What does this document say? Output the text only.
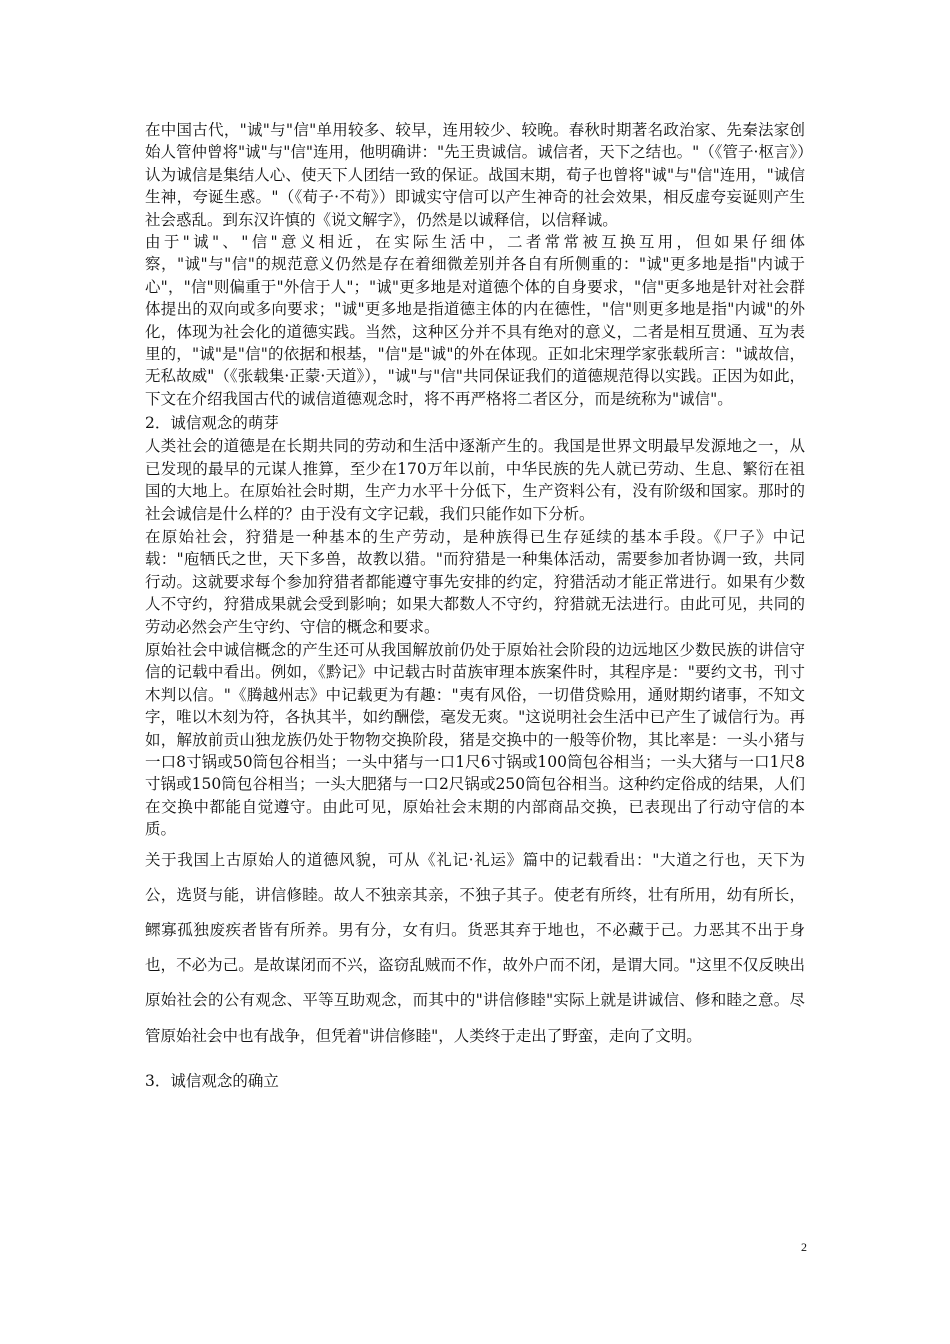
在中国古代，"诚"与"信"单用较多、较早，连用较少、较晚。春秋时期著名政治家、先秦法家创始人管仲曾将"诚"与"信"连用，他明确讲："先王贵诚信。诚信者，天下之结也。"（《管子·枢言》）认为诚信是集结人心、使天下人团结一致的保证。战国末期，荀子也曾将"诚"与"信"连用，"诚信生神，夸诞生惑。"（《荀子·不苟》）即诚实守信可以产生神奇的社会效果，相反虚夸妄诞则产生社会惑乱。到东汉许慎的《说文解字》，仍然是以诚释信，以信释诚。

由于"诚"、"信"意义相近，在实际生活中，二者常常被互换互用，但如果仔细体察，"诚"与"信"的规范意义仍然是存在着细微差别并各自有所侧重的："诚"更多地是指"内诚于心"，"信"则偏重于"外信于人"；"诚"更多地是对道德个体的自身要求，"信"更多地是针对社会群体提出的双向或多向要求；"诚"更多地是指道德主体的内在德性，"信"则更多地是指"内诚"的外化，体现为社会化的道德实践。当然，这种区分并不具有绝对的意义，二者是相互贯通、互为表里的，"诚"是"信"的依据和根基，"信"是"诚"的外在体现。正如北宋理学家张载所言："诚故信，无私故威"（《张载集·正蒙·天道》），"诚"与"信"共同保证我们的道德规范得以实践。正因为如此，下文在介绍我国古代的诚信道德观念时，将不再严格将二者区分，而是统称为"诚信"。

2．诚信观念的萌芽

人类社会的道德是在长期共同的劳动和生活中逐渐产生的。我国是世界文明最早发源地之一，从已发现的最早的元谋人推算，至少在170万年以前，中华民族的先人就已劳动、生息、繁衍在祖国的大地上。在原始社会时期，生产力水平十分低下，生产资料公有，没有阶级和国家。那时的社会诚信是什么样的？由于没有文字记载，我们只能作如下分析。

在原始社会，狩猎是一种基本的生产劳动，是种族得已生存延续的基本手段。《尸子》中记载："庖牺氏之世，天下多兽，故教以猎。"而狩猎是一种集体活动，需要参加者协调一致，共同行动。这就要求每个参加狩猎者都能遵守事先安排的约定，狩猎活动才能正常进行。如果有少数人不守约，狩猎成果就会受到影响；如果大都数人不守约，狩猎就无法进行。由此可见，共同的劳动必然会产生守约、守信的概念和要求。

原始社会中诚信概念的产生还可从我国解放前仍处于原始社会阶段的边远地区少数民族的讲信守信的记载中看出。例如，《黔记》中记载古时苗族审理本族案件时，其程序是："要约文书，刊寸木判以信。"《腾越州志》中记载更为有趣："夷有风俗，一切借贷赊用，通财期约诸事，不知文字，唯以木刻为符，各执其半，如约酬偿，毫发无爽。"这说明社会生活中已产生了诚信行为。再如，解放前贡山独龙族仍处于物物交换阶段，猪是交换中的一般等价物，其比率是：一头小猪与一口8寸锅或50筒包谷相当；一头中猪与一口1尺6寸锅或100筒包谷相当；一头大猪与一口1尺8寸锅或150筒包谷相当；一头大肥猪与一口2尺锅或250筒包谷相当。这种约定俗成的结果，人们在交换中都能自觉遵守。由此可见，原始社会末期的内部商品交换，已表现出了行动守信的本质。

关于我国上古原始人的道德风貌，可从《礼记·礼运》篇中的记载看出："大道之行也，天下为公，选贤与能，讲信修睦。故人不独亲其亲，不独子其子。使老有所终，壮有所用，幼有所长，鳏寡孤独废疾者皆有所养。男有分，女有归。货恶其弃于地也，不必藏于己。力恶其不出于身也，不必为己。是故谋闭而不兴，盗窃乱贼而不作，故外户而不闭，是谓大同。"这里不仅反映出原始社会的公有观念、平等互助观念，而其中的"讲信修睦"实际上就是讲诚信、修和睦之意。尽管原始社会中也有战争，但凭着"讲信修睦"，人类终于走出了野蛮，走向了文明。

3．诚信观念的确立

2
